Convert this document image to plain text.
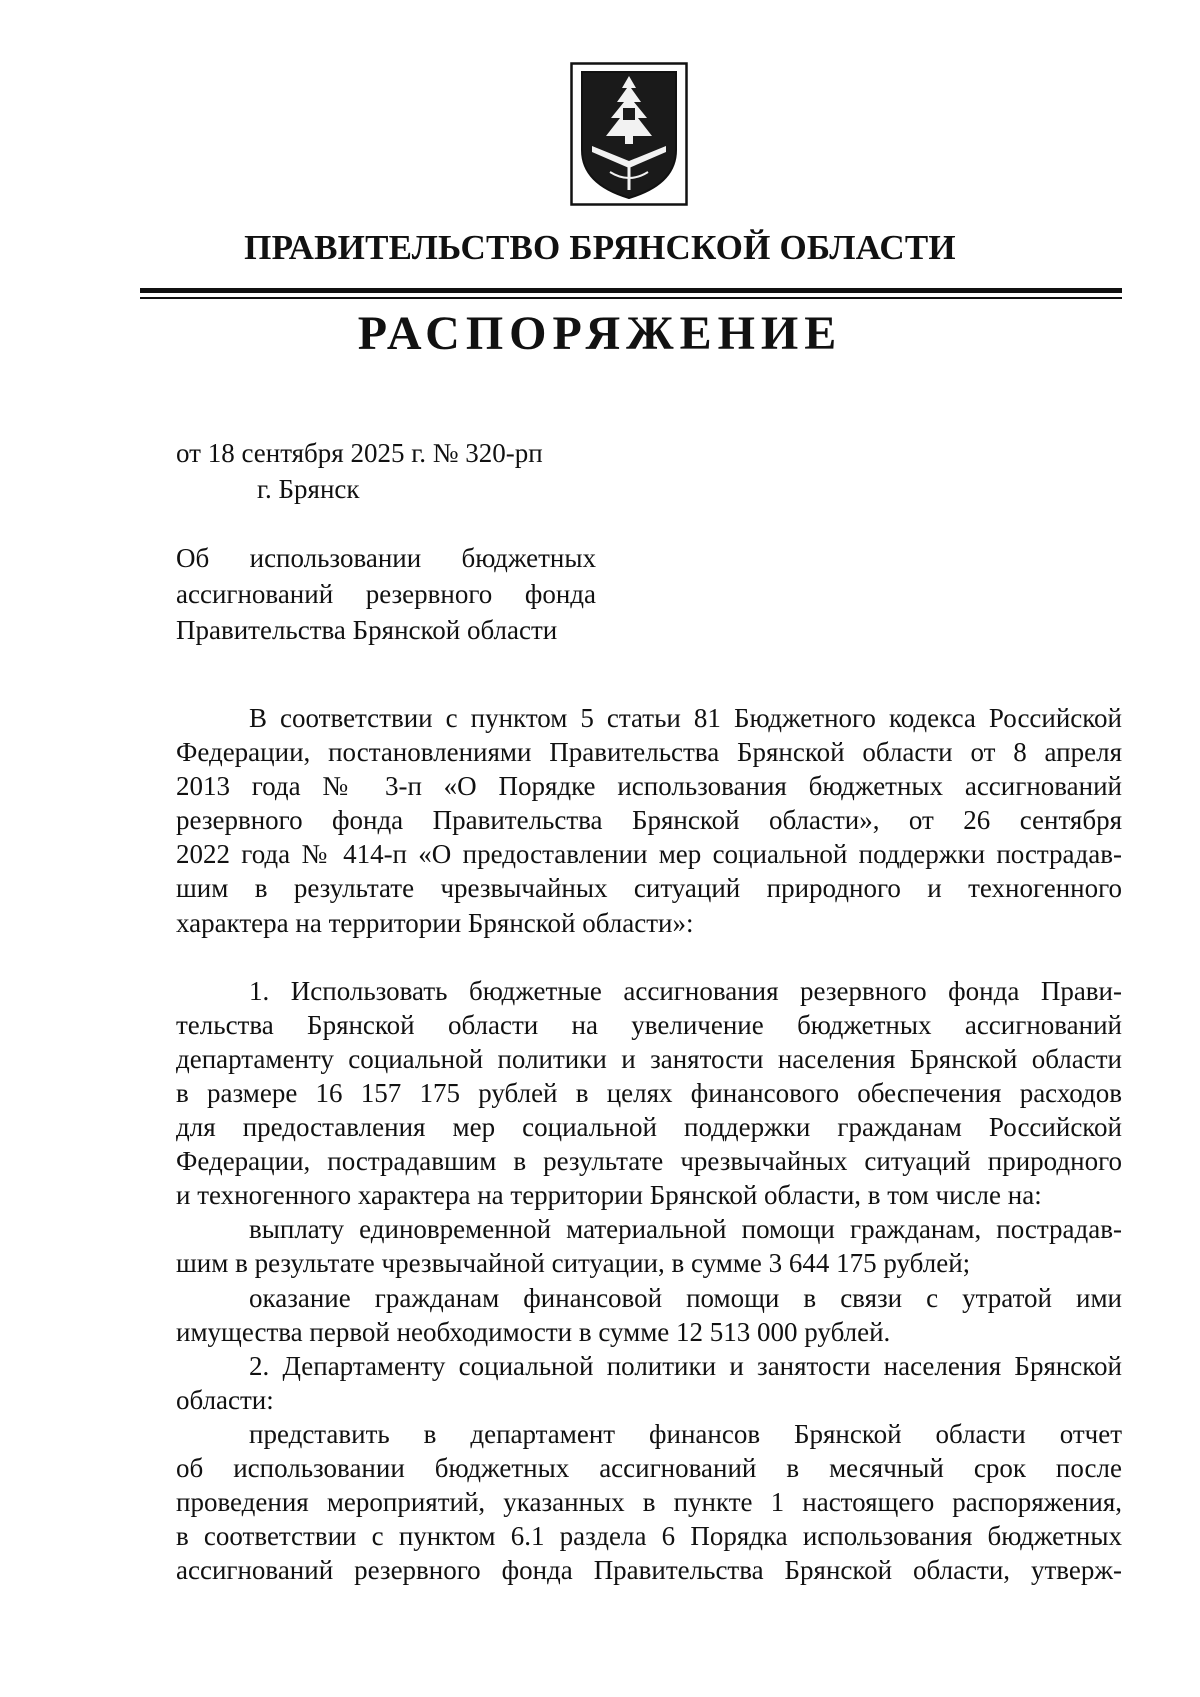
ПРАВИТЕЛЬСТВО БРЯНСКОЙ ОБЛАСТИ
РАСПОРЯЖЕНИЕ
от 18 сентября 2025 г. № 320-рп
г. Брянск
Об использовании бюджетных
ассигнований резервного фонда
Правительства Брянской области
В соответствии с пунктом 5 статьи 81 Бюджетного кодекса Российской
Федерации, постановлениями Правительства Брянской области от 8 апреля
2013 года № 3-п «О Порядке использования бюджетных ассигнований
резервного фонда Правительства Брянской области», от 26 сентября
2022 года № 414-п «О предоставлении мер социальной поддержки пострадав-
шим в результате чрезвычайных ситуаций природного и техногенного
характера на территории Брянской области»:
1. Использовать бюджетные ассигнования резервного фонда Прави-
тельства Брянской области на увеличение бюджетных ассигнований
департаменту социальной политики и занятости населения Брянской области
в размере 16 157 175 рублей в целях финансового обеспечения расходов
для предоставления мер социальной поддержки гражданам Российской
Федерации, пострадавшим в результате чрезвычайных ситуаций природного
и техногенного характера на территории Брянской области, в том числе на:
выплату единовременной материальной помощи гражданам, пострадав-
шим в результате чрезвычайной ситуации, в сумме 3 644 175 рублей;
оказание гражданам финансовой помощи в связи с утратой ими
имущества первой необходимости в сумме 12 513 000 рублей.
2. Департаменту социальной политики и занятости населения Брянской
области:
представить в департамент финансов Брянской области отчет
об использовании бюджетных ассигнований в месячный срок после
проведения мероприятий, указанных в пункте 1 настоящего распоряжения,
в соответствии с пунктом 6.1 раздела 6 Порядка использования бюджетных
ассигнований резервного фонда Правительства Брянской области, утверж-
